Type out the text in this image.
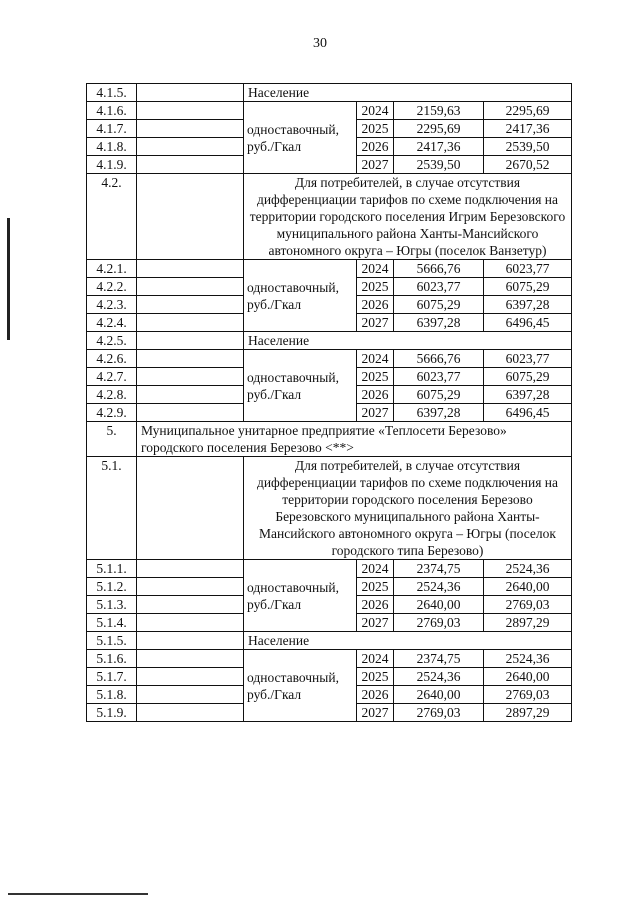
30
4.1.5.		Население			
4.1.6.		одноставочный, руб./Гкал	2024	2159,63	2295,69
4.1.7.			2025	2295,69	2417,36
4.1.8.			2026	2417,36	2539,50
4.1.9.			2027	2539,50	2670,52
4.2.		Для потребителей, в случае отсутствия дифференциации тарифов по схеме подключения на территории городского поселения Игрим Березовского муниципального района Ханты-Мансийского автономного округа – Югры (поселок Ванзетур)			
4.2.1.		одноставочный, руб./Гкал	2024	5666,76	6023,77
4.2.2.			2025	6023,77	6075,29
4.2.3.			2026	6075,29	6397,28
4.2.4.			2027	6397,28	6496,45
4.2.5.		Население			
4.2.6.		одноставочный, руб./Гкал	2024	5666,76	6023,77
4.2.7.			2025	6023,77	6075,29
4.2.8.			2026	6075,29	6397,28
4.2.9.			2027	6397,28	6496,45
5.	Муниципальное унитарное предприятие «Теплосети Березово» городского поселения Березово <**>				
5.1.		Для потребителей, в случае отсутствия дифференциации тарифов по схеме подключения на территории городского поселения Березово Березовского муниципального района Ханты-Мансийского автономного округа – Югры (поселок городского типа Березово)			
5.1.1.		одноставочный, руб./Гкал	2024	2374,75	2524,36
5.1.2.			2025	2524,36	2640,00
5.1.3.			2026	2640,00	2769,03
5.1.4.			2027	2769,03	2897,29
5.1.5.		Население			
5.1.6.		одноставочный, руб./Гкал	2024	2374,75	2524,36
5.1.7.			2025	2524,36	2640,00
5.1.8.			2026	2640,00	2769,03
5.1.9.			2027	2769,03	2897,29
